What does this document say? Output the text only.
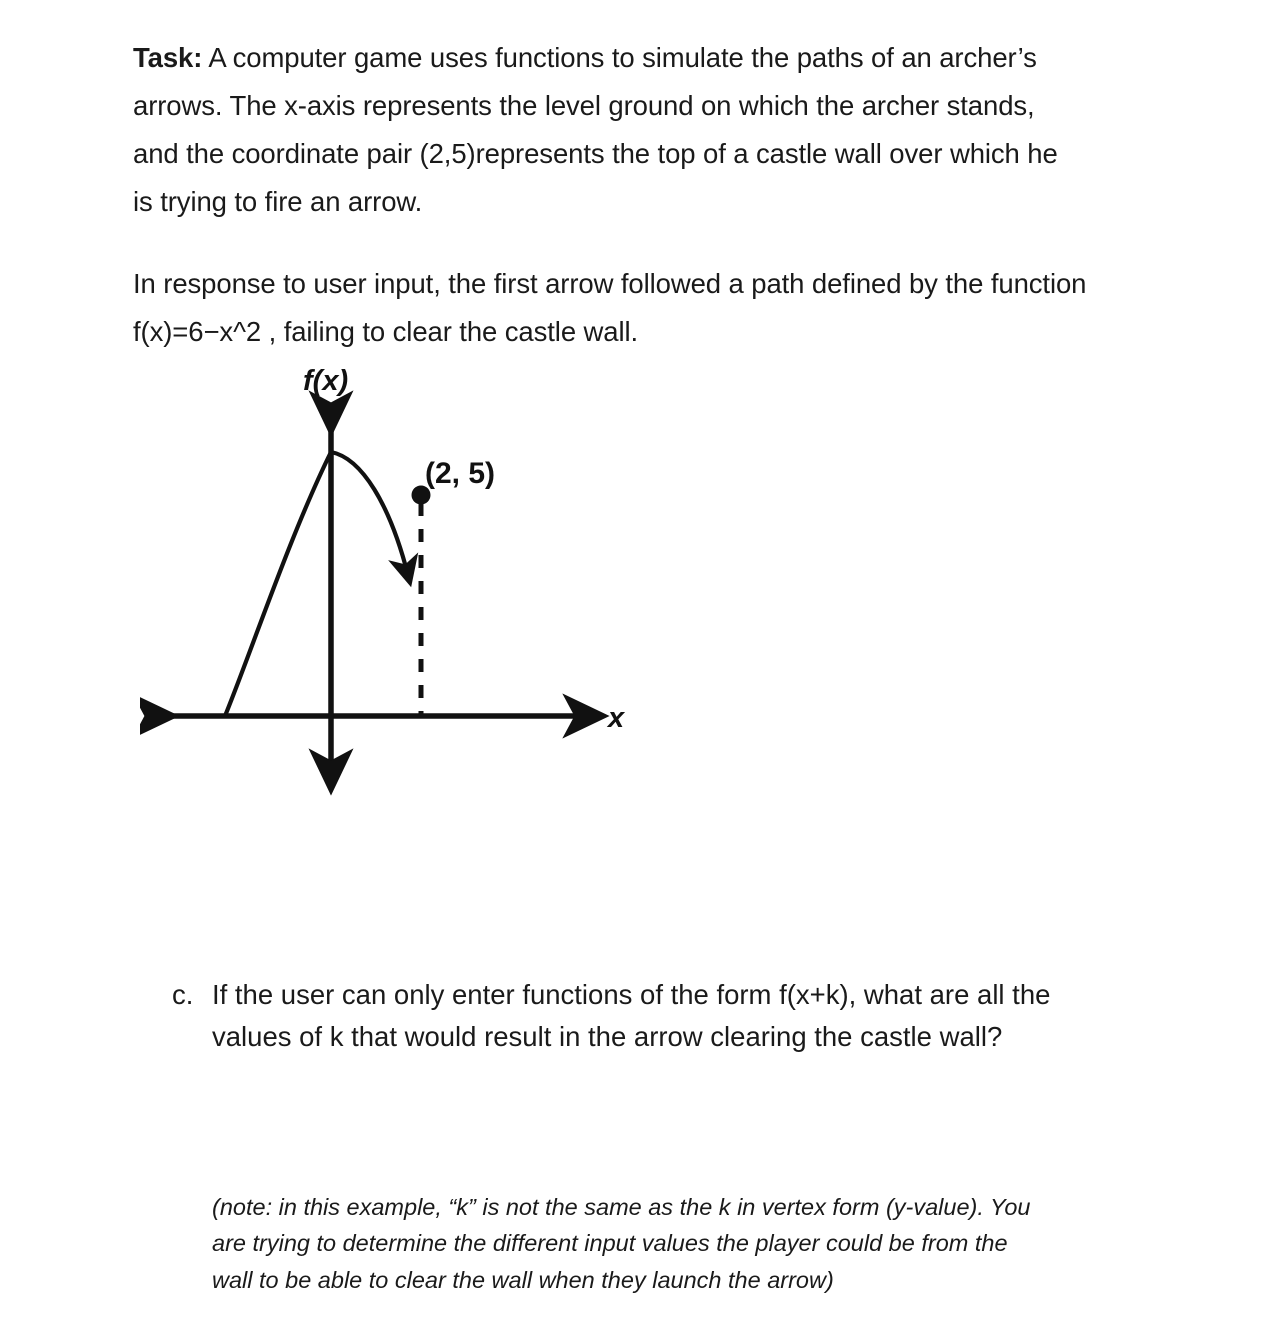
Task: A computer game uses functions to simulate the paths of an archer’s arrows. The x-axis represents the level ground on which the archer stands, and the coordinate pair (2,5)represents the top of a castle wall over which he is trying to fire an arrow.

In response to user input, the first arrow followed a path defined by the function f(x)=6−x^2 , failing to clear the castle wall.

f(x)
x
(2, 5)
c. If the user can only enter functions of the form f(x+k), what are all the values of k that would result in the arrow clearing the castle wall?

(note: in this example, “k” is not the same as the k in vertex form (y-value). You are trying to determine the different input values the player could be from the wall to be able to clear the wall when they launch the arrow)
